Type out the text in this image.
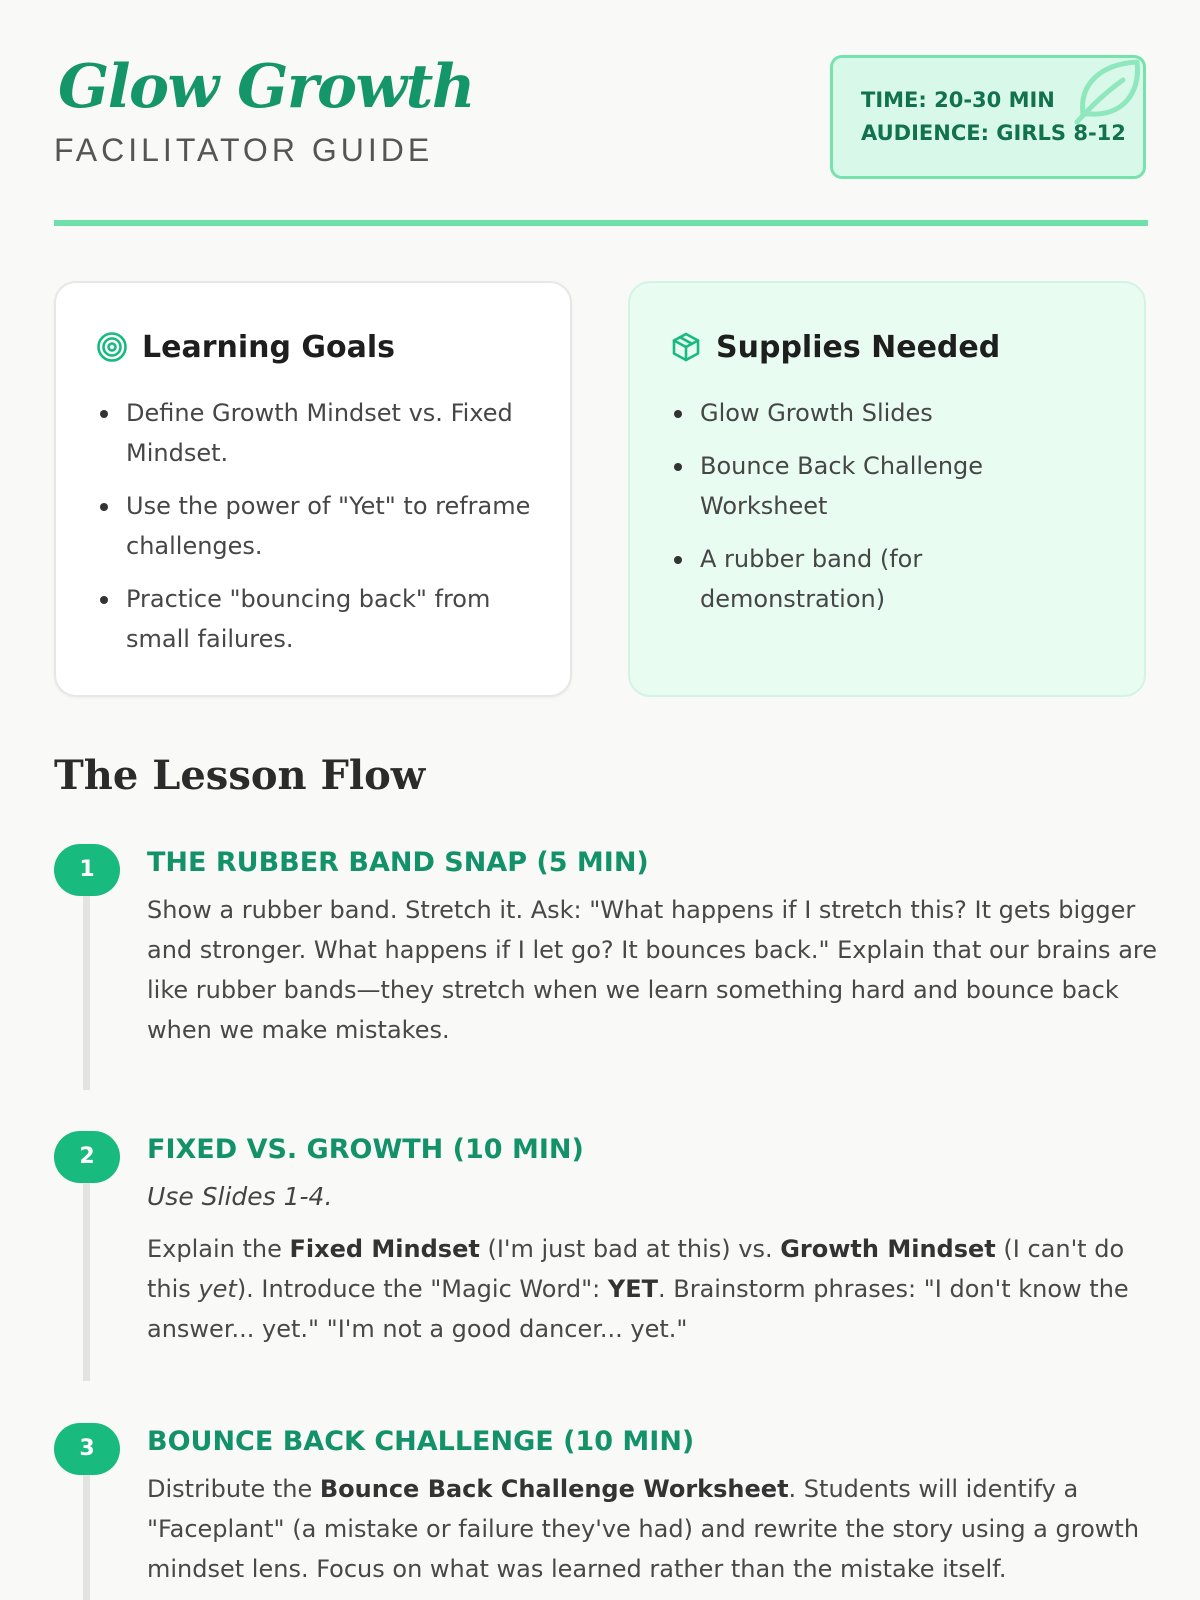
Glow Growth
FACILITATOR GUIDE
TIME: 20-30 MIN
AUDIENCE: GIRLS 8-12
Learning Goals
Define Growth Mindset vs. Fixed Mindset.
Use the power of "Yet" to reframe challenges.
Practice "bouncing back" from small failures.
Supplies Needed
Glow Growth Slides
Bounce Back Challenge Worksheet
A rubber band (for demonstration)
The Lesson Flow
1	THE RUBBER BAND SNAP (5 MIN)
Show a rubber band. Stretch it. Ask: "What happens if I stretch this? It gets bigger and stronger. What happens if I let go? It bounces back." Explain that our brains are like rubber bands—they stretch when we learn something hard and bounce back when we make mistakes.
2	FIXED VS. GROWTH (10 MIN)
Use Slides 1-4.
Explain the Fixed Mindset (I'm just bad at this) vs. Growth Mindset (I can't do this yet). Introduce the "Magic Word": YET. Brainstorm phrases: "I don't know the answer... yet." "I'm not a good dancer... yet."
3	BOUNCE BACK CHALLENGE (10 MIN)
Distribute the Bounce Back Challenge Worksheet. Students will identify a "Faceplant" (a mistake or failure they've had) and rewrite the story using a growth mindset lens. Focus on what was learned rather than the mistake itself.
